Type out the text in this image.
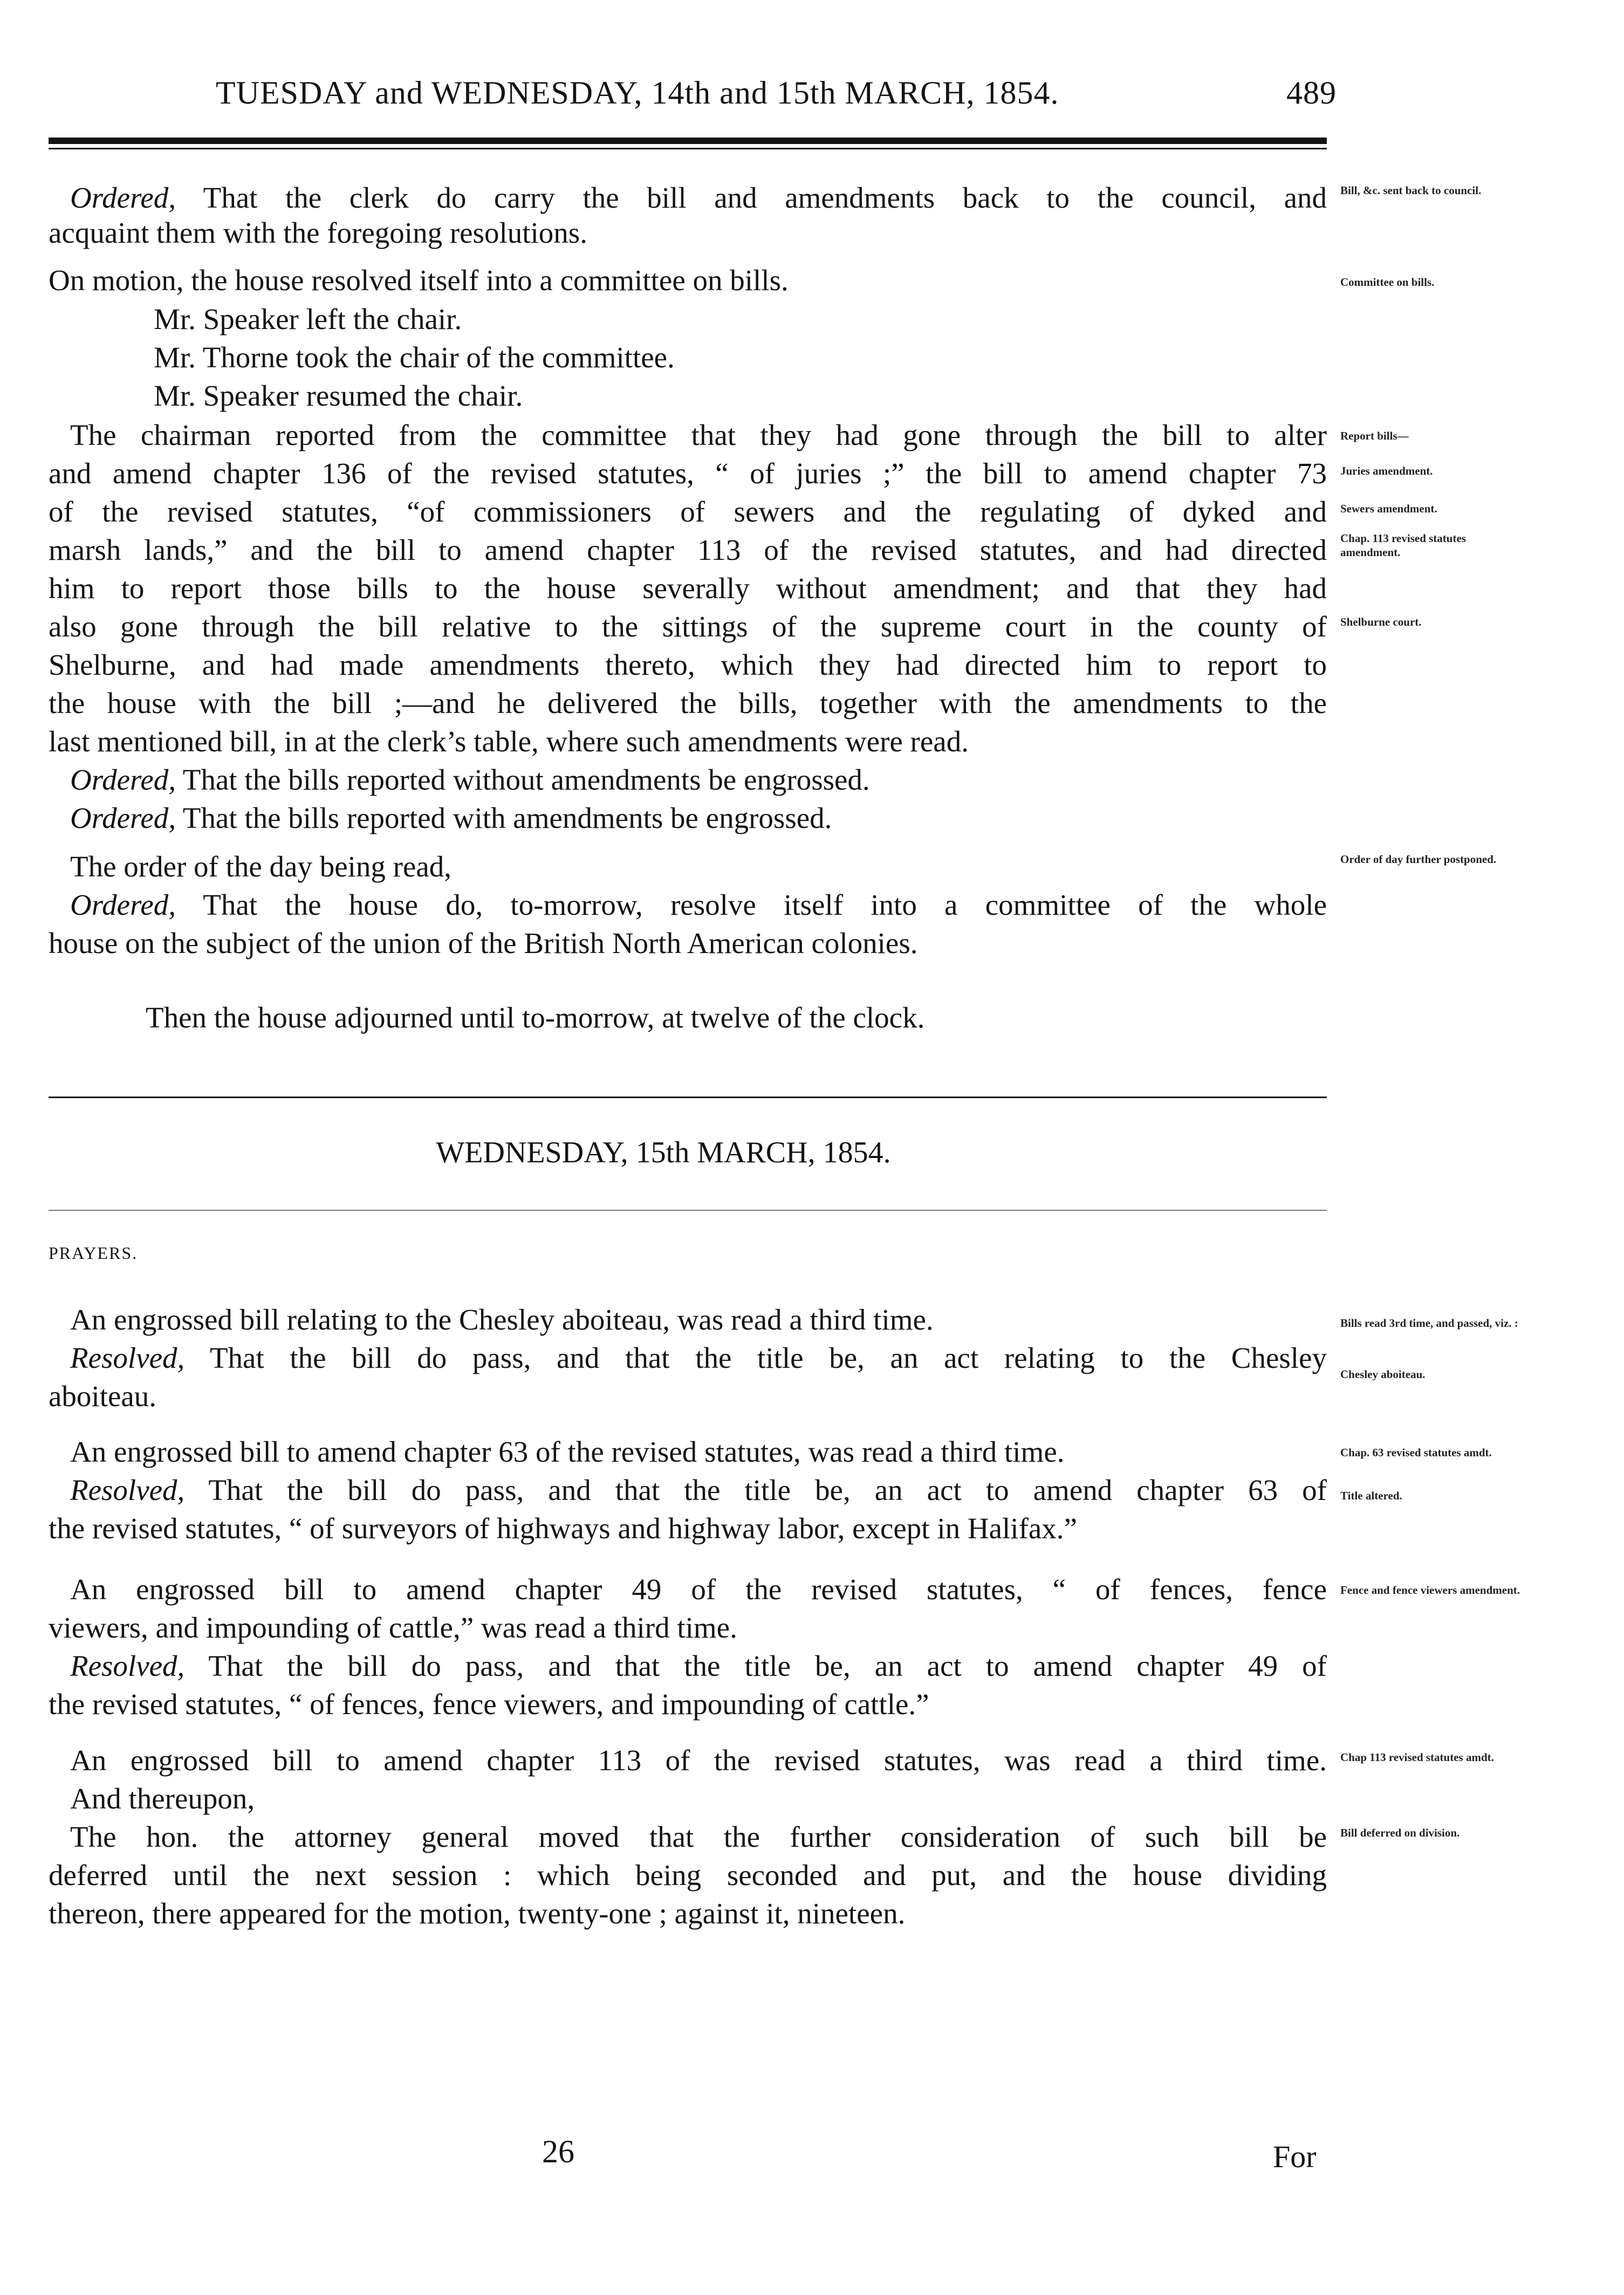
TUESDAY and WEDNESDAY, 14th and 15th MARCH, 1854.	489
Ordered, That the clerk do carry the bill and amendments back to the council, and
acquaint them with the foregoing resolutions.
On motion, the house resolved itself into a committee on bills.
Mr. Speaker left the chair.
Mr. Thorne took the chair of the committee.
Mr. Speaker resumed the chair.
The chairman reported from the committee that they had gone through the bill to alter
and amend chapter 136 of the revised statutes, “ of juries ;” the bill to amend chapter 73
of the revised statutes, “of commissioners of sewers and the regulating of dyked and
marsh lands,” and the bill to amend chapter 113 of the revised statutes, and had directed
him to report those bills to the house severally without amendment; and that they had
also gone through the bill relative to the sittings of the supreme court in the county of
Shelburne, and had made amendments thereto, which they had directed him to report to
the house with the bill ;—and he delivered the bills, together with the amendments to the
last mentioned bill, in at the clerk’s table, where such amendments were read.
Ordered, That the bills reported without amendments be engrossed.
Ordered, That the bills reported with amendments be engrossed.
The order of the day being read,
Ordered, That the house do, to-morrow, resolve itself into a committee of the whole
house on the subject of the union of the British North American colonies.
Then the house adjourned until to-morrow, at twelve of the clock.
WEDNESDAY, 15th MARCH, 1854.
PRAYERS.
An engrossed bill relating to the Chesley aboiteau, was read a third time.
Resolved, That the bill do pass, and that the title be, an act relating to the Chesley
aboiteau.
An engrossed bill to amend chapter 63 of the revised statutes, was read a third time.
Resolved, That the bill do pass, and that the title be, an act to amend chapter 63 of
the revised statutes, “ of surveyors of highways and highway labor, except in Halifax.”
An engrossed bill to amend chapter 49 of the revised statutes, “ of fences, fence
viewers, and impounding of cattle,” was read a third time.
Resolved, That the bill do pass, and that the title be, an act to amend chapter 49 of
the revised statutes, “ of fences, fence viewers, and impounding of cattle.”
An engrossed bill to amend chapter 113 of the revised statutes, was read a third time.
And thereupon,
The hon. the attorney general moved that the further consideration of such bill be
deferred until the next session : which being seconded and put, and the house dividing
thereon, there appeared for the motion, twenty-one ; against it, nineteen.
Bill, &c. sent back to council.
Committee on bills.
Report bills—
Juries amendment.
Sewers amendment.
Chap. 113 revised statutes amendment.
Shelburne court.
Order of day further postponed.
Bills read 3rd time, and passed, viz. :
Chesley aboiteau.
Chap. 63 revised statutes amdt.
Title altered.
Fence and fence viewers amendment.
Chap 113 revised statutes amdt.
Bill deferred on division.
26	For
